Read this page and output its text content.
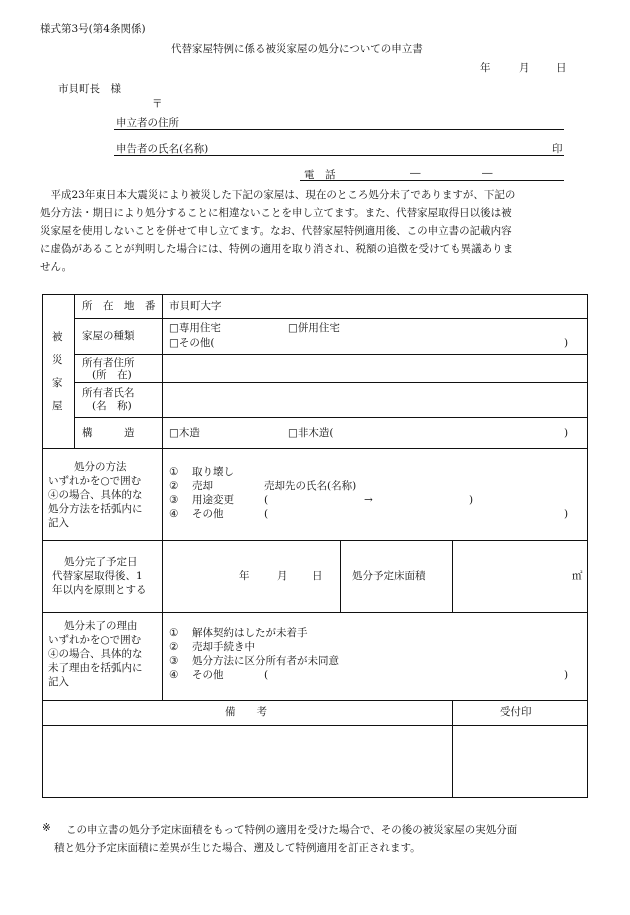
様式第3号(第4条関係)
代替家屋特例に係る被災家屋の処分についての申立書
年	月	日
市貝町長　様
〒
申立者の住所
申告者の氏名(名称)	印
電　話	―	―
　平成23年東日本大震災により被災した下記の家屋は、現在のところ処分未了でありますが、下記の
処分方法・期日により処分することに相違ないことを申し立てます。また、代替家屋取得日以後は被
災家屋を使用しないことを併せて申し立てます。なお、代替家屋特例適用後、この申立書の記載内容
に虚偽があることが判明した場合には、特例の適用を取り消され、税額の追徴を受けても異議ありま
せん。
被
災
家
屋
所　在　地　番 市貝町大字
家屋の種類
□専用住宅	□併用住宅
□その他(	)
所有者住所
(所　在)
所有者氏名
(名　称)
構　　　造	□木造	□非木造(	)
処分の方法
いずれかを○で囲む
④の場合、具体的な
処分方法を括弧内に
記入
① 取り壊し
② 売却	売却先の氏名(名称)
③ 用途変更	(	→	)
④ その他	(	)
処分完了予定日
代替家屋取得後、1
年以内を原則とする
年	月 日	処分予定床面積	㎡
処分未了の理由
いずれかを○で囲む
④の場合、具体的な
未了理由を括弧内に
記入
① 解体契約はしたが未着手
② 売却手続き中
③ 処分方法に区分所有者が未同意
④ その他	(	)
備　　考	受付印
※ この申立書の処分予定床面積をもって特例の適用を受けた場合で、その後の被災家屋の実処分面
積と処分予定床面積に差異が生じた場合、遡及して特例適用を訂正されます。
